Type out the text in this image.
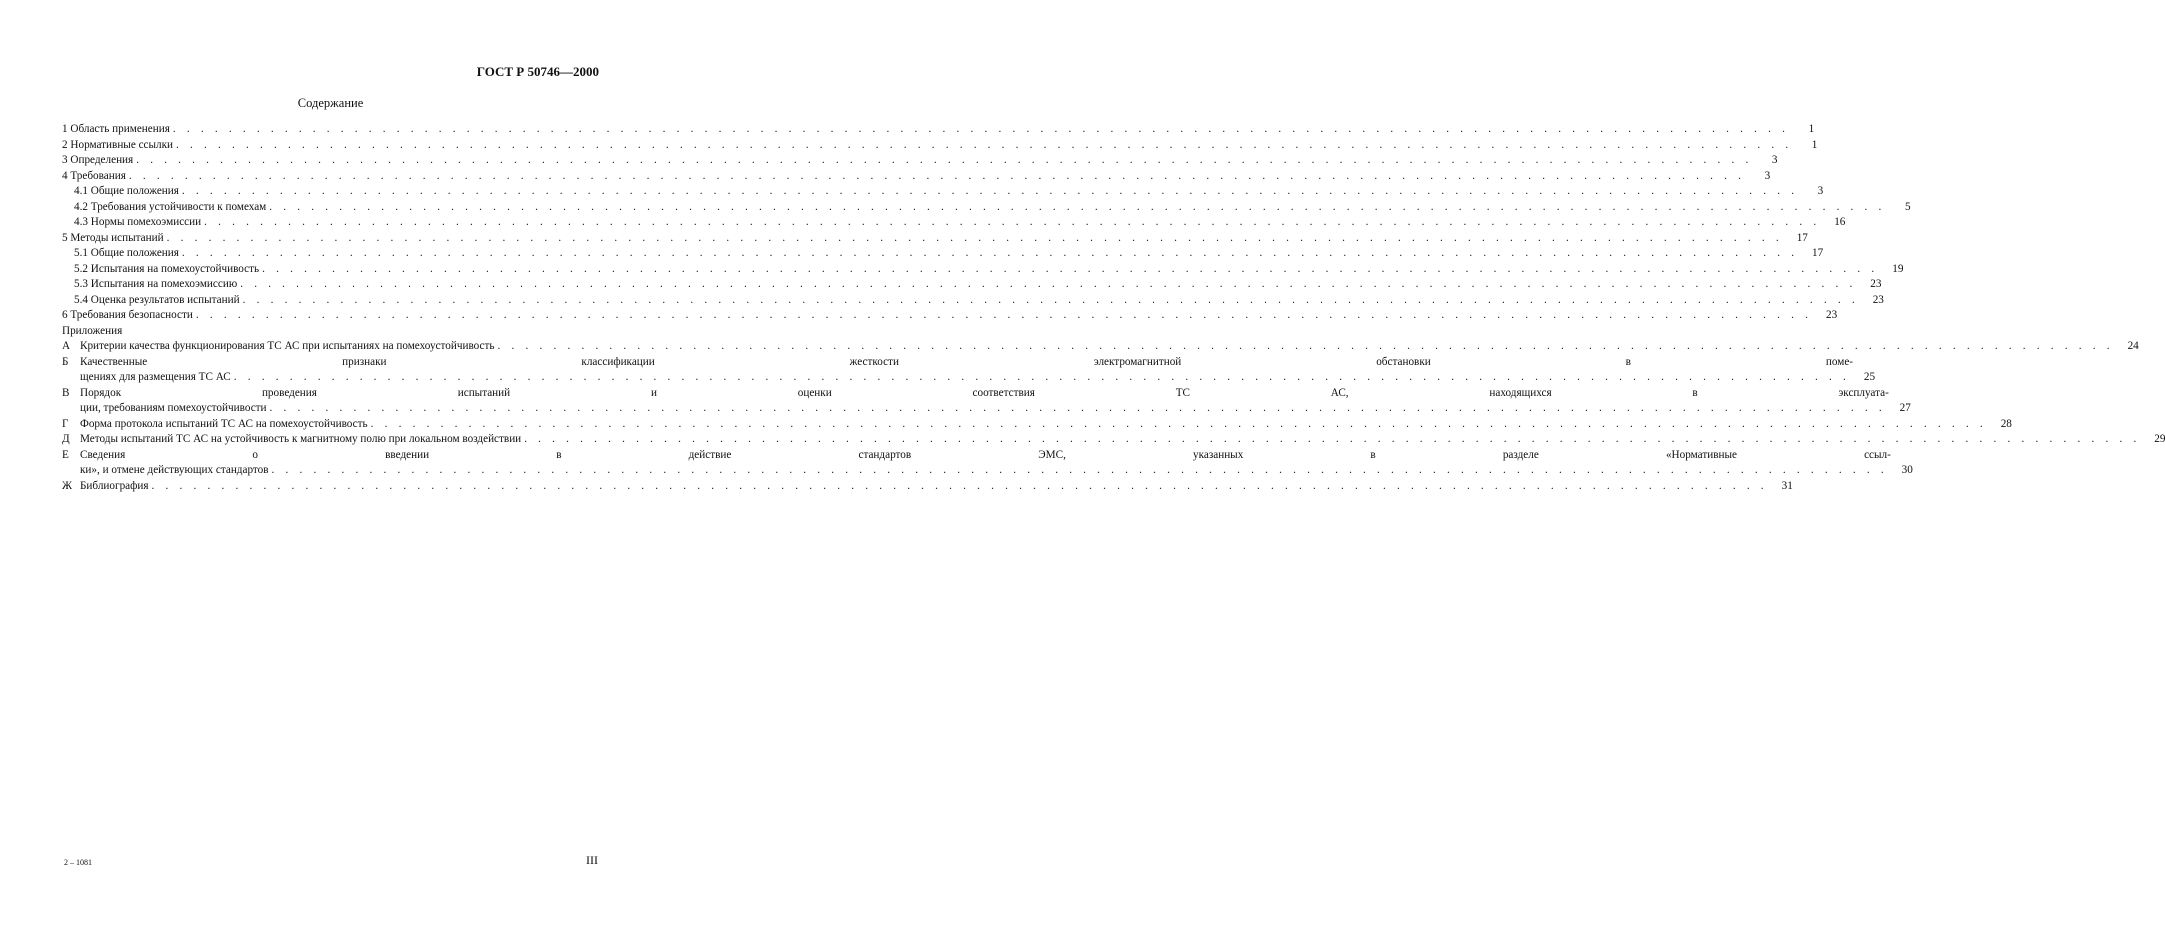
ГОСТ Р 50746—2000
Содержание
1 Область применения . . .	1
2 Нормативные ссылки . . .	1
3 Определения . . .	3
4 Требования . . .	3
4.1 Общие положения . . .	3
4.2 Требования устойчивости к помехам . . .	5
4.3 Нормы помехоэмиссии . . .	16
5 Методы испытаний . . .	17
5.1 Общие положения . . .	17
5.2 Испытания на помехоустойчивость . . .	19
5.3 Испытания на помехоэмиссию . . .	23
5.4 Оценка результатов испытаний . . .	23
6 Требования безопасности . . .	23
Приложения
А Критерии качества функционирования ТС АС при испытаниях на помехоустойчивость . . .	24
Б	Качественные признаки классификации жесткости электромагнитной обстановки в поме-
щениях для размещения ТС АС . . .	25
В Порядок проведения испытаний и оценки соответствия ТС АС, находящихся в эксплуата-
ции, требованиям помехоустойчивости . . .	27
Г	Форма протокола испытаний ТС АС на помехоустойчивость . . .	28
Д Методы испытаний ТС АС на устойчивость к магнитному полю при локальном воздействии . . .	29
Е Сведения о введении в действие стандартов ЭМС, указанных в разделе «Нормативные ссыл-
ки», и отмене действующих стандартов . . .	30
Ж Библиография . . .	31
2 – 1081	III
